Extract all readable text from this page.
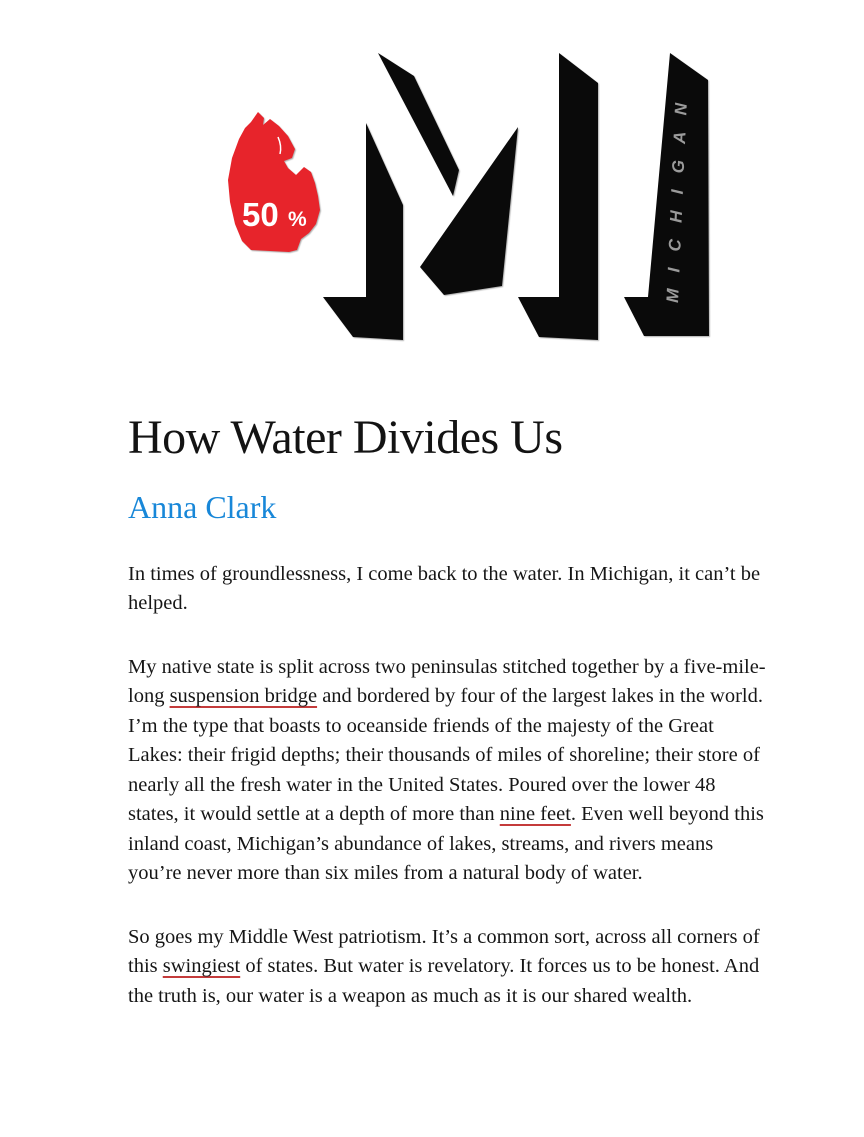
50 %
MICHIGAN
How Water Divides Us
Anna Clark

In times of groundlessness, I come back to the water. In Michigan, it can’t be helped.

My native state is split across two peninsulas stitched together by a five-mile-long suspension bridge and bordered by four of the largest lakes in the world. I’m the type that boasts to oceanside friends of the majesty of the Great Lakes: their frigid depths; their thousands of miles of shoreline; their store of nearly all the fresh water in the United States. Poured over the lower 48 states, it would settle at a depth of more than nine feet. Even well beyond this inland coast, Michigan’s abundance of lakes, streams, and rivers means you’re never more than six miles from a natural body of water.

So goes my Middle West patriotism. It’s a common sort, across all corners of this swingiest of states. But water is revelatory. It forces us to be honest. And the truth is, our water is a weapon as much as it is our shared wealth.
